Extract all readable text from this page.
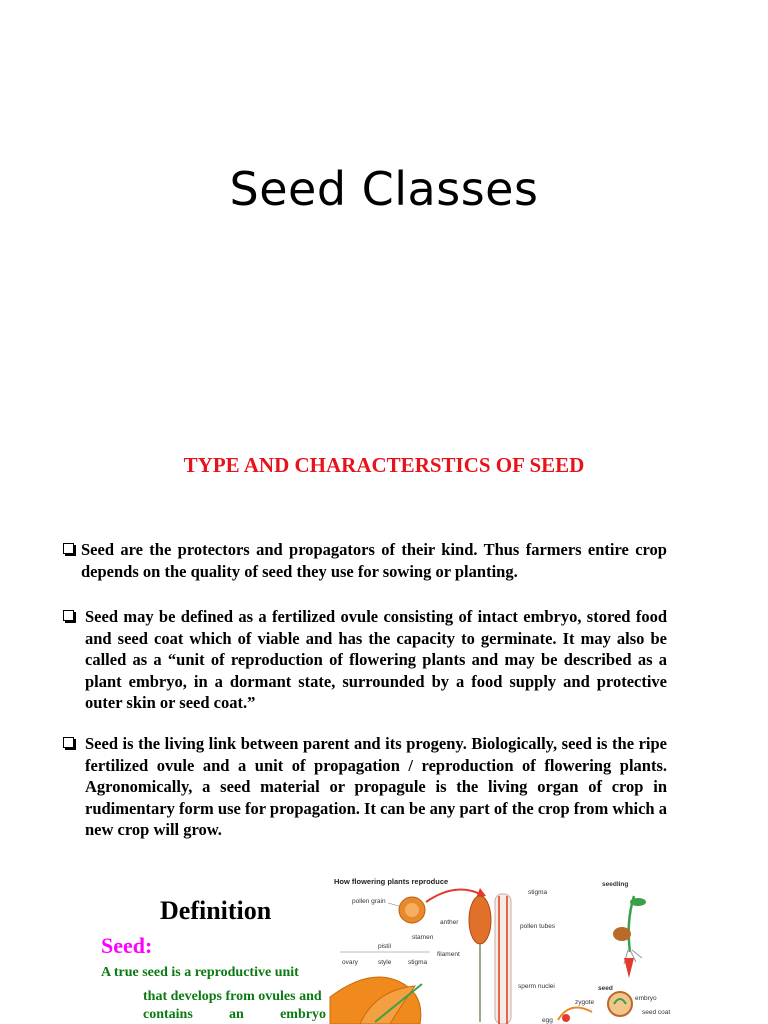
Seed Classes
TYPE AND CHARACTERSTICS OF SEED
Seed are the protectors and propagators of their kind. Thus farmers entire crop depends on the quality of seed they use for sowing or planting.
Seed may be defined as a fertilized ovule consisting of intact embryo, stored food and seed coat which of viable and has the capacity to germinate. It may also be called as a “unit of reproduction of flowering plants and may be described as a plant embryo, in a dormant state, surrounded by a food supply and protective outer skin or seed coat.”
Seed is the living link between parent and its progeny. Biologically, seed is the ripe fertilized ovule and a unit of propagation / reproduction of flowering plants. Agronomically, a seed material or propagule is the living organ of crop in rudimentary form use for propagation. It can be any part of the crop from which a new crop will grow.
Definition
Seed:
A true seed is a reproductive unit
that develops from ovules and
contains	an	embryo
How flowering plants reproduce
pollen grain
anther
stamen
filament
stigma
pollen tubes
sperm nuclei
pistil
ovary	style	stigma
seedling
seed
embryo
seed coat
zygote
egg
